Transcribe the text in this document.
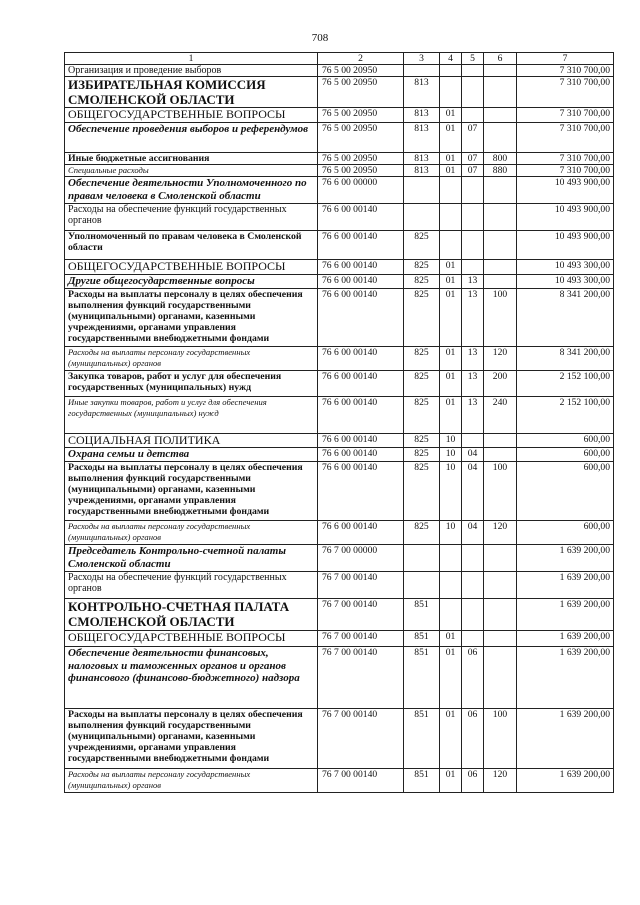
708
1	2	3	4	5	6	7
Организация и проведение выборов	76 5 00 20950					7 310 700,00
ИЗБИРАТЕЛЬНАЯ КОМИССИЯ СМОЛЕНСКОЙ ОБЛАСТИ	76 5 00 20950	813				7 310 700,00
ОБЩЕГОСУДАРСТВЕННЫЕ ВОПРОСЫ	76 5 00 20950	813	01			7 310 700,00
Обеспечение проведения выборов и референдумов	76 5 00 20950	813	01	07		7 310 700,00
Иные бюджетные ассигнования	76 5 00 20950	813	01	07	800	7 310 700,00
Специальные расходы	76 5 00 20950	813	01	07	880	7 310 700,00
Обеспечение деятельности Уполномоченного по правам человека в Смоленской области	76 6 00 00000					10 493 900,00
Расходы на обеспечение функций государственных органов	76 6 00 00140					10 493 900,00
Уполномоченный по правам человека в Смоленской области	76 6 00 00140	825				10 493 900,00
ОБЩЕГОСУДАРСТВЕННЫЕ ВОПРОСЫ	76 6 00 00140	825	01			10 493 300,00
Другие общегосударственные вопросы	76 6 00 00140	825	01	13		10 493 300,00
Расходы на выплаты персоналу в целях обеспечения выполнения функций государственными (муниципальными) органами, казенными учреждениями, органами управления государственными внебюджетными фондами	76 6 00 00140	825	01	13	100	8 341 200,00
Расходы на выплаты персоналу государственных (муниципальных) органов	76 6 00 00140	825	01	13	120	8 341 200,00
Закупка товаров, работ и услуг для обеспечения государственных (муниципальных) нужд	76 6 00 00140	825	01	13	200	2 152 100,00
Иные закупки товаров, работ и услуг для обеспечения государственных (муниципальных) нужд	76 6 00 00140	825	01	13	240	2 152 100,00
СОЦИАЛЬНАЯ ПОЛИТИКА	76 6 00 00140	825	10			600,00
Охрана семьи и детства	76 6 00 00140	825	10	04		600,00
Расходы на выплаты персоналу в целях обеспечения выполнения функций государственными (муниципальными) органами, казенными учреждениями, органами управления государственными внебюджетными фондами	76 6 00 00140	825	10	04	100	600,00
Расходы на выплаты персоналу государственных (муниципальных) органов	76 6 00 00140	825	10	04	120	600,00
Председатель Контрольно-счетной палаты Смоленской области	76 7 00 00000					1 639 200,00
Расходы на обеспечение функций государственных органов	76 7 00 00140					1 639 200,00
КОНТРОЛЬНО-СЧЕТНАЯ ПАЛАТА СМОЛЕНСКОЙ ОБЛАСТИ	76 7 00 00140	851				1 639 200,00
ОБЩЕГОСУДАРСТВЕННЫЕ ВОПРОСЫ	76 7 00 00140	851	01			1 639 200,00
Обеспечение деятельности финансовых, налоговых и таможенных органов и органов финансового (финансово-бюджетного) надзора	76 7 00 00140	851	01	06		1 639 200,00
Расходы на выплаты персоналу в целях обеспечения выполнения функций государственными (муниципальными) органами, казенными учреждениями, органами управления государственными внебюджетными фондами	76 7 00 00140	851	01	06	100	1 639 200,00
Расходы на выплаты персоналу государственных (муниципальных) органов	76 7 00 00140	851	01	06	120	1 639 200,00
